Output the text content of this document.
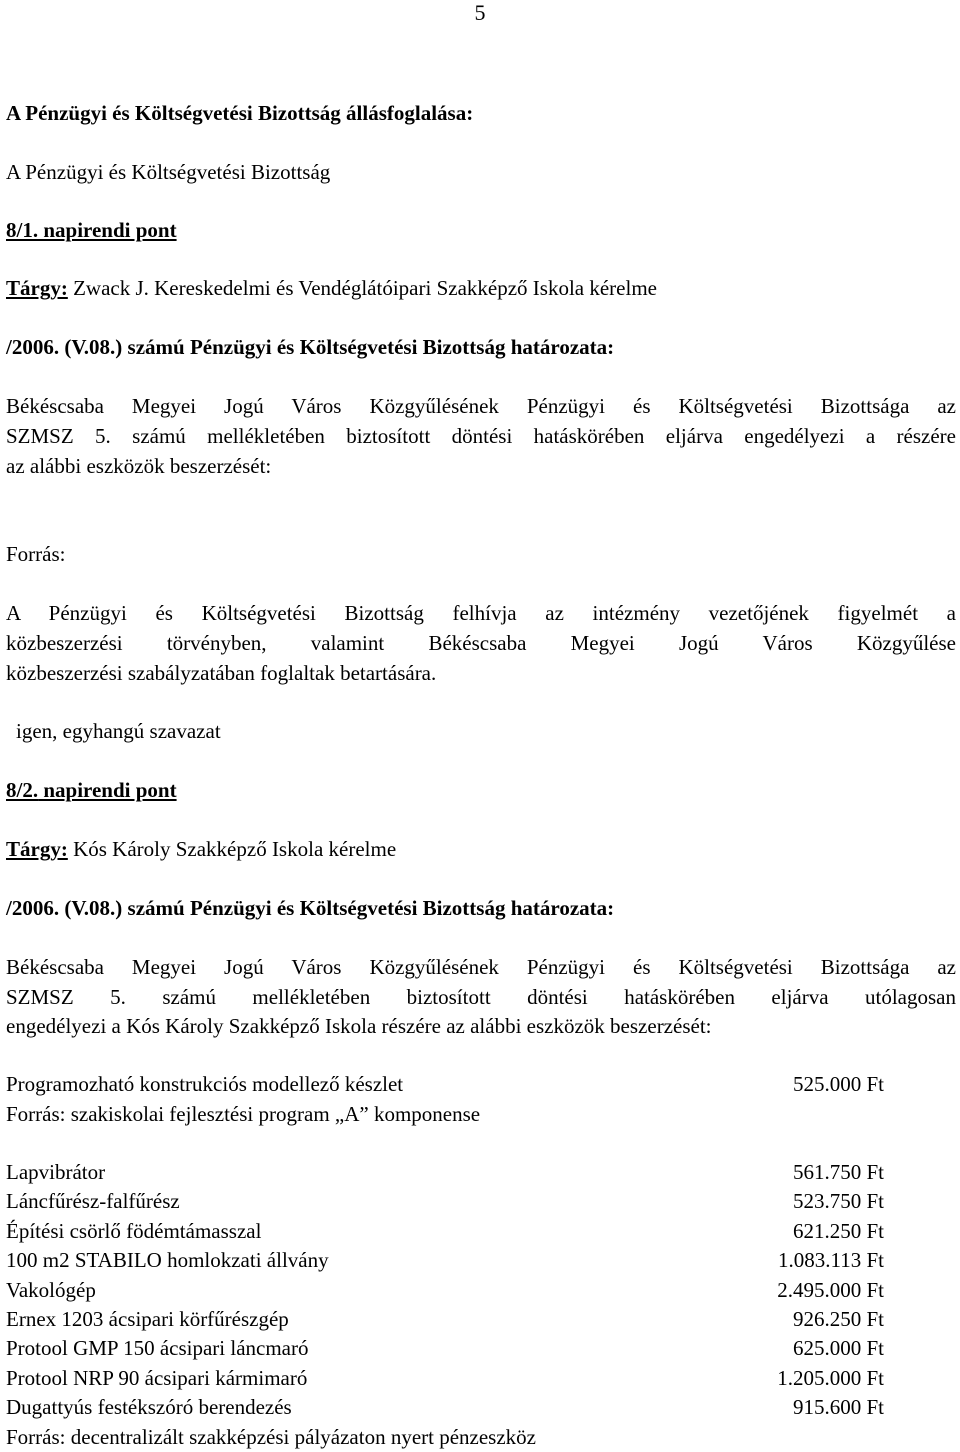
5
A Pénzügyi és Költségvetési Bizottság állásfoglalása:
A Pénzügyi és Költségvetési Bizottság
8/1. napirendi pont
Tárgy: Zwack J. Kereskedelmi és Vendéglátóipari Szakképző Iskola kérelme
/2006. (V.08.) számú Pénzügyi és Költségvetési Bizottság határozata:
Békéscsaba Megyei Jogú Város Közgyűlésének Pénzügyi és Költségvetési Bizottsága az
SZMSZ 5. számú mellékletében biztosított döntési hatáskörében eljárva engedélyezi a részére
az alábbi eszközök beszerzését:
Forrás:
A Pénzügyi és Költségvetési Bizottság felhívja az intézmény vezetőjének figyelmét a
közbeszerzési törvényben, valamint Békéscsaba Megyei Jogú Város Közgyűlése
közbeszerzési szabályzatában foglaltak betartására.
igen, egyhangú szavazat
8/2. napirendi pont
Tárgy: Kós Károly Szakképző Iskola kérelme
/2006. (V.08.) számú Pénzügyi és Költségvetési Bizottság határozata:
Békéscsaba Megyei Jogú Város Közgyűlésének Pénzügyi és Költségvetési Bizottsága az
SZMSZ 5. számú mellékletében biztosított döntési hatáskörében eljárva utólagosan
engedélyezi a Kós Károly Szakképző Iskola részére az alábbi eszközök beszerzését:
Programozható konstrukciós modellező készlet	525.000 Ft
Forrás: szakiskolai fejlesztési program „A” komponense
Lapvibrátor	561.750 Ft
Láncfűrész-falfűrész	523.750 Ft
Építési csörlő födémtámasszal	621.250 Ft
100 m2 STABILO homlokzati állvány	1.083.113 Ft
Vakológép	2.495.000 Ft
Ernex 1203 ácsipari körfűrészgép	926.250 Ft
Protool GMP 150 ácsipari láncmaró	625.000 Ft
Protool NRP 90 ácsipari kármimaró	1.205.000 Ft
Dugattyús festékszóró berendezés	915.600 Ft
Forrás: decentralizált szakképzési pályázaton nyert pénzeszköz
